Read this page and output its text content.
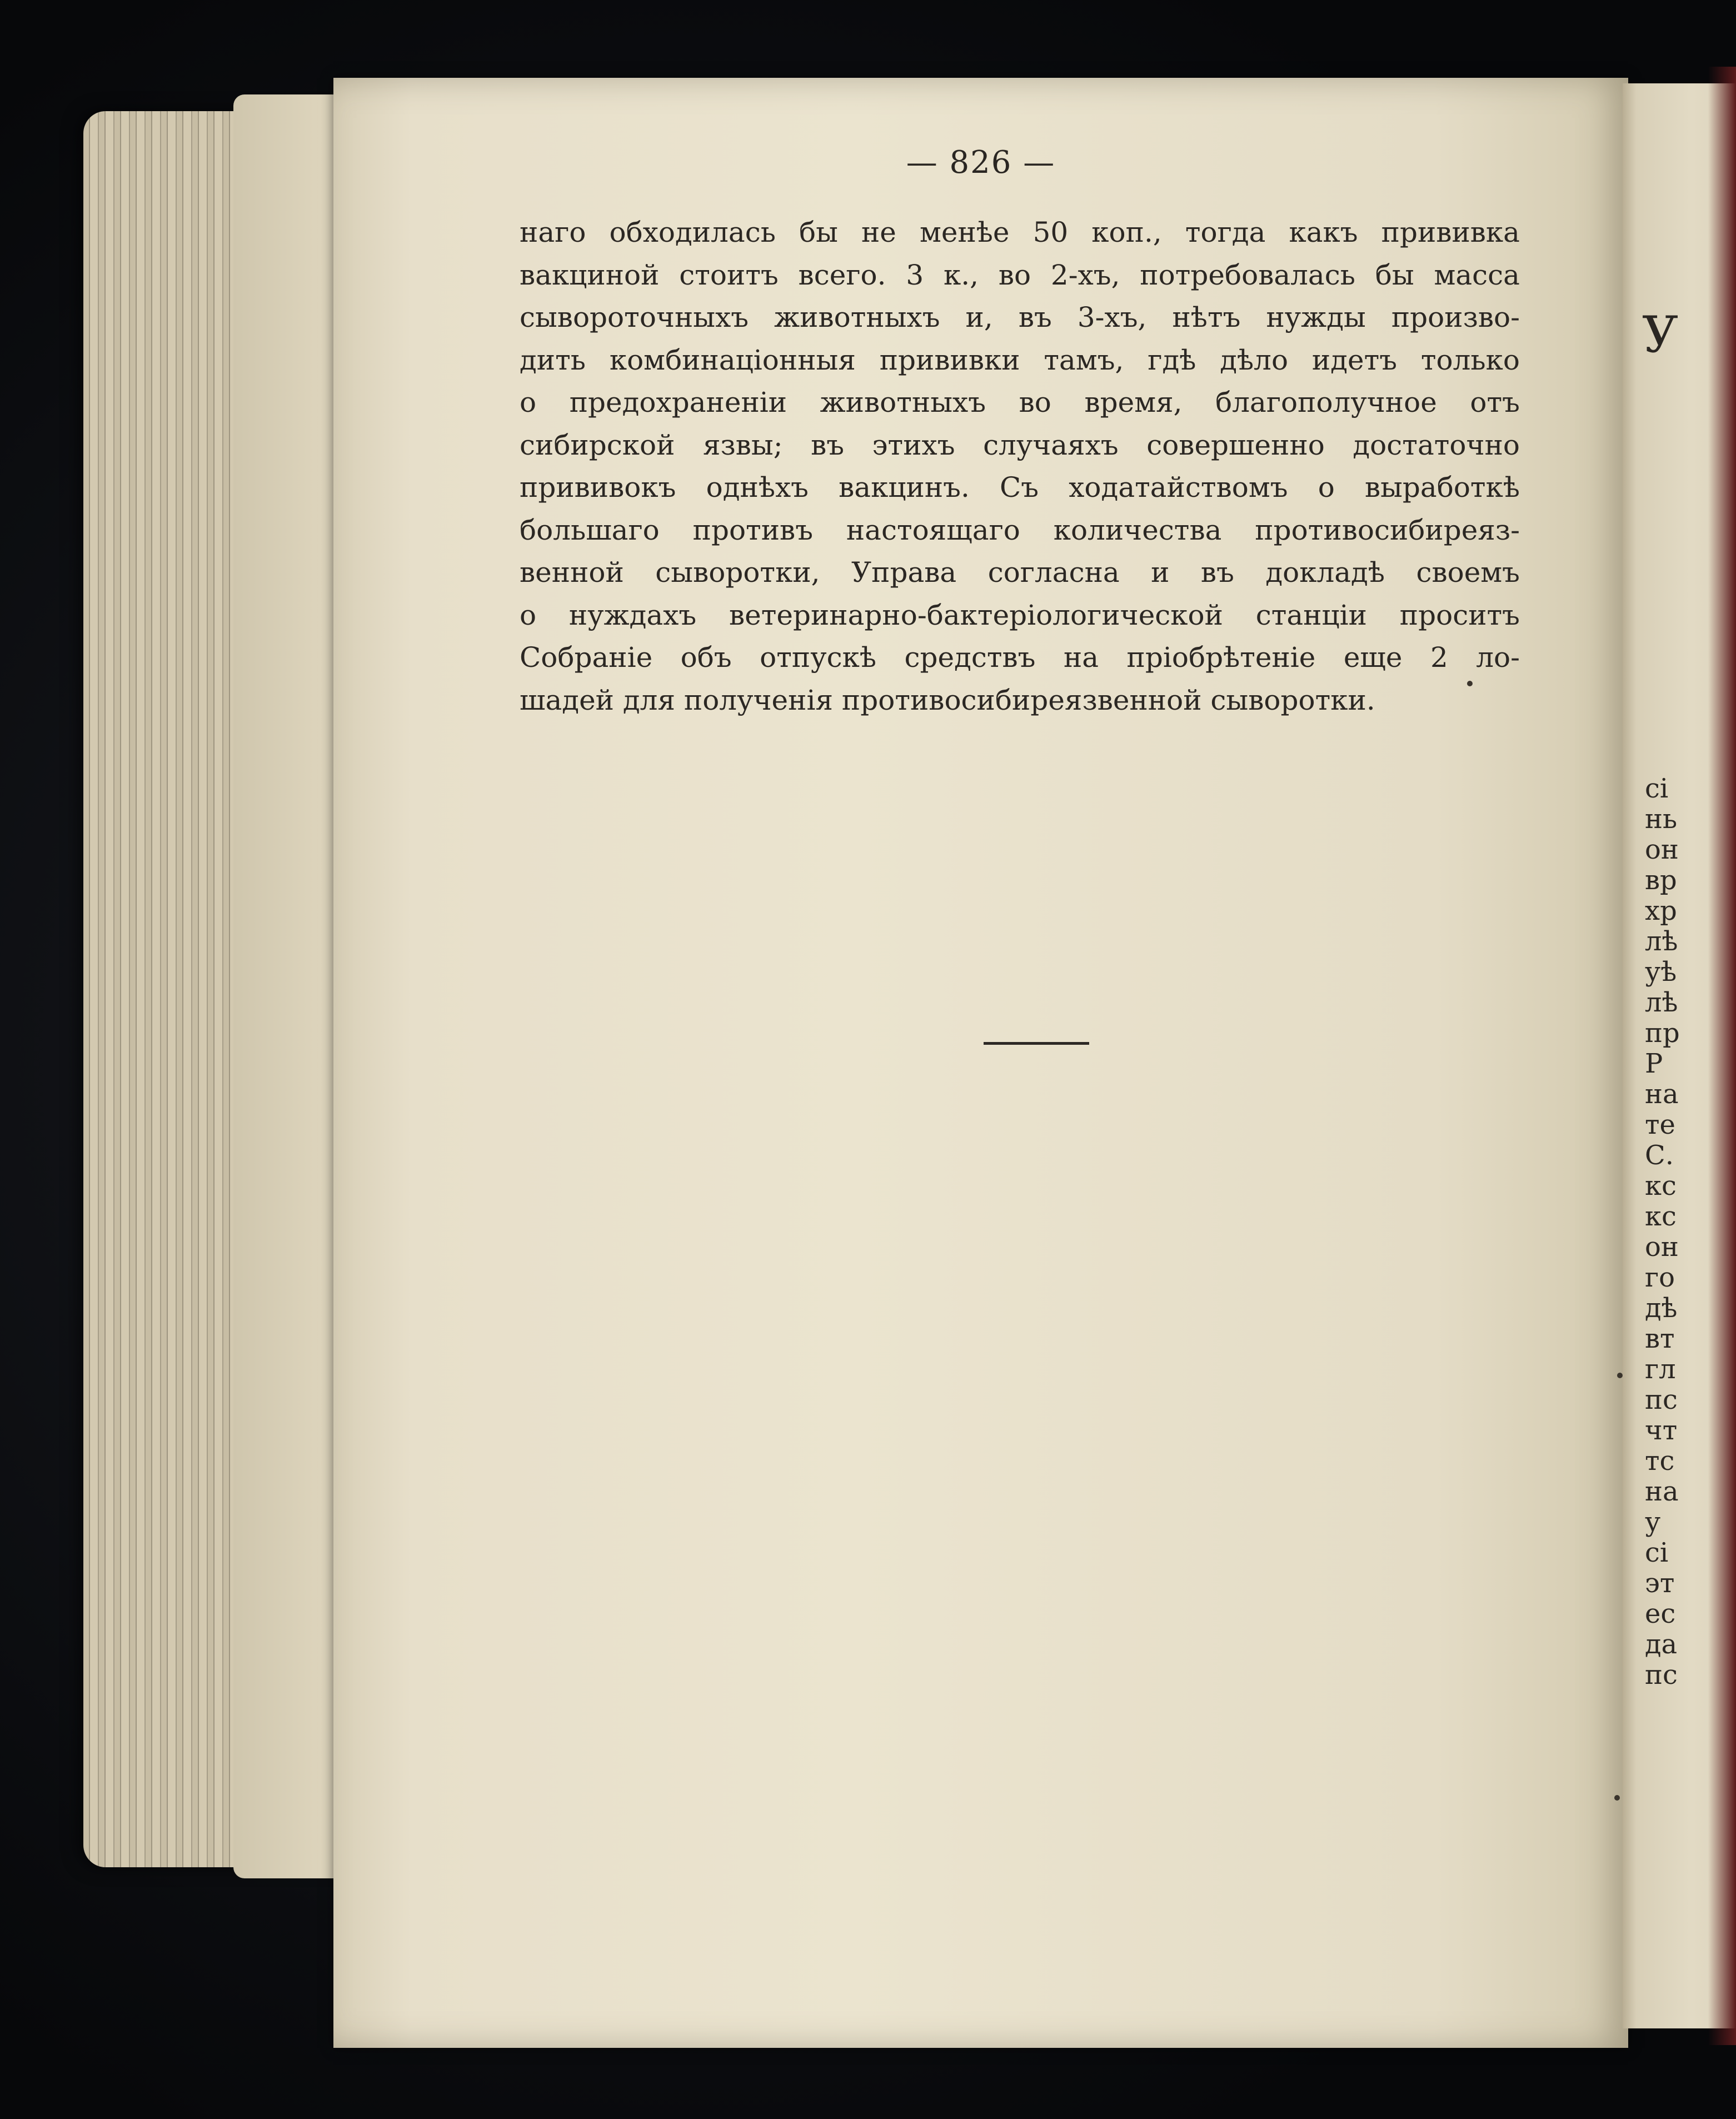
— 826 —
наго обходилась бы не менѣе 50 коп., тогда какъ прививка
вакциной стоитъ всего. 3 к., во 2-хъ, потребовалась бы масса
сывороточныхъ животныхъ и, въ 3-хъ, нѣтъ нужды произво-
дить комбинаціонныя прививки тамъ, гдѣ дѣло идетъ только
о предохраненіи животныхъ во время, благополучное отъ
сибирской язвы; въ этихъ случаяхъ совершенно достаточно
прививокъ однѣхъ вакцинъ. Съ ходатайствомъ о выработкѣ
большаго противъ настоящаго количества противосибиреяз-
венной сыворотки, Управа согласна и въ докладѣ своемъ
о нуждахъ ветеринарно-бактеріологической станціи проситъ
Собраніе объ отпускѣ средствъ на пріобрѣтеніе еще 2 ло-
шадей для полученія противосибиреязвенной сыворотки.
У
сі
нь
он
вр
хр
лѣ
уѣ
лѣ
пр
Р
на
те
С.
кс
кс
он
го
дѣ
вт
гл
пс
чт
тс
на
у
сі
эт
ес
да
пс
